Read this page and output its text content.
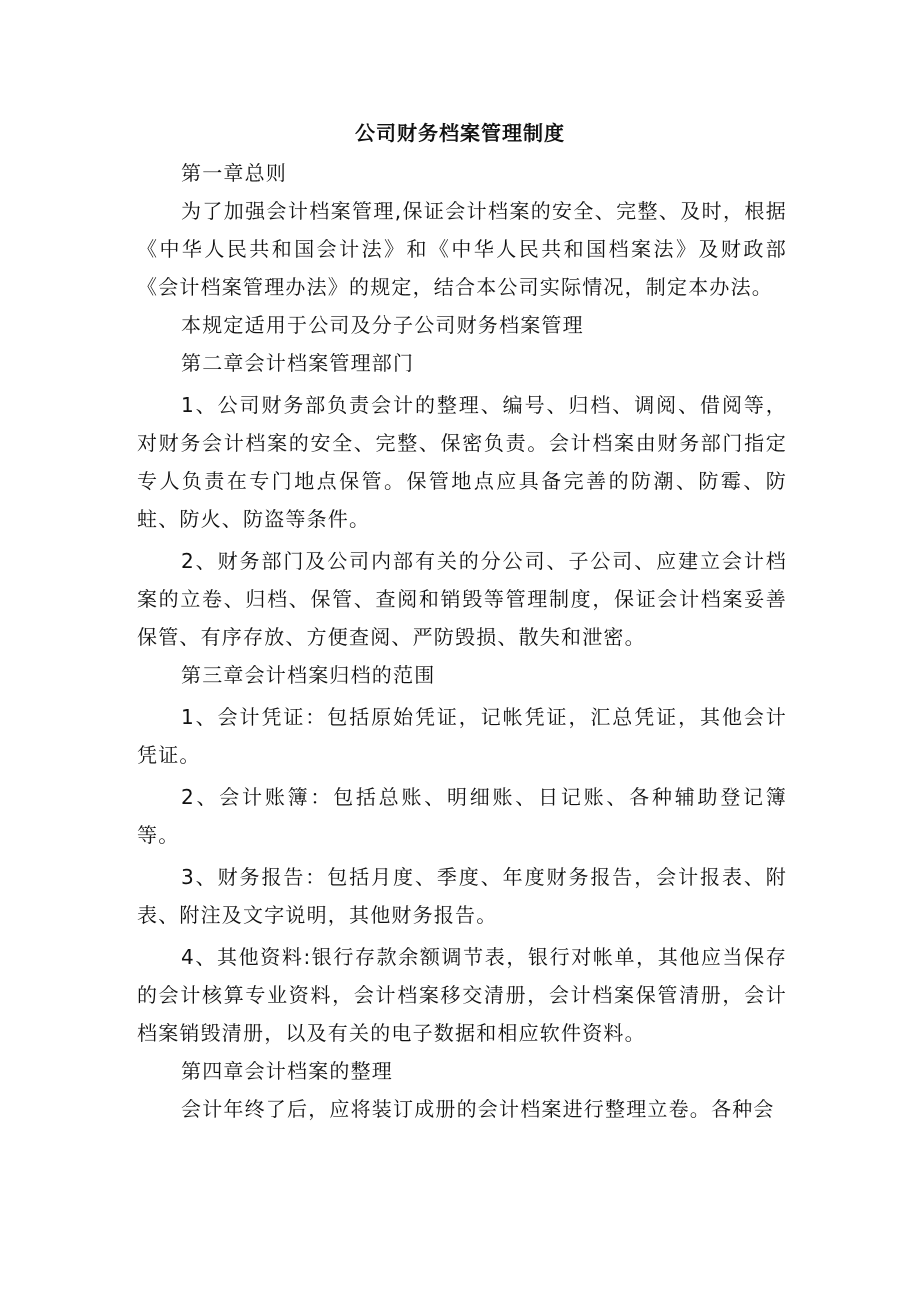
公司财务档案管理制度

第一章总则

为了加强会计档案管理,保证会计档案的安全、完整、及时，根据《中华人民共和国会计法》和《中华人民共和国档案法》及财政部《会计档案管理办法》的规定，结合本公司实际情况，制定本办法。

本规定适用于公司及分子公司财务档案管理

第二章会计档案管理部门

1、公司财务部负责会计的整理、编号、归档、调阅、借阅等，对财务会计档案的安全、完整、保密负责。会计档案由财务部门指定专人负责在专门地点保管。保管地点应具备完善的防潮、防霉、防蛀、防火、防盗等条件。

2、财务部门及公司内部有关的分公司、子公司、应建立会计档案的立卷、归档、保管、查阅和销毁等管理制度，保证会计档案妥善保管、有序存放、方便查阅、严防毁损、散失和泄密。

第三章会计档案归档的范围

1、会计凭证：包括原始凭证，记帐凭证，汇总凭证，其他会计凭证。

2、会计账簿：包括总账、明细账、日记账、各种辅助登记簿等。

3、财务报告：包括月度、季度、年度财务报告，会计报表、附表、附注及文字说明，其他财务报告。

4、其他资料:银行存款余额调节表，银行对帐单，其他应当保存的会计核算专业资料，会计档案移交清册，会计档案保管清册，会计档案销毁清册，以及有关的电子数据和相应软件资料。

第四章会计档案的整理

会计年终了后，应将装订成册的会计档案进行整理立卷。各种会
